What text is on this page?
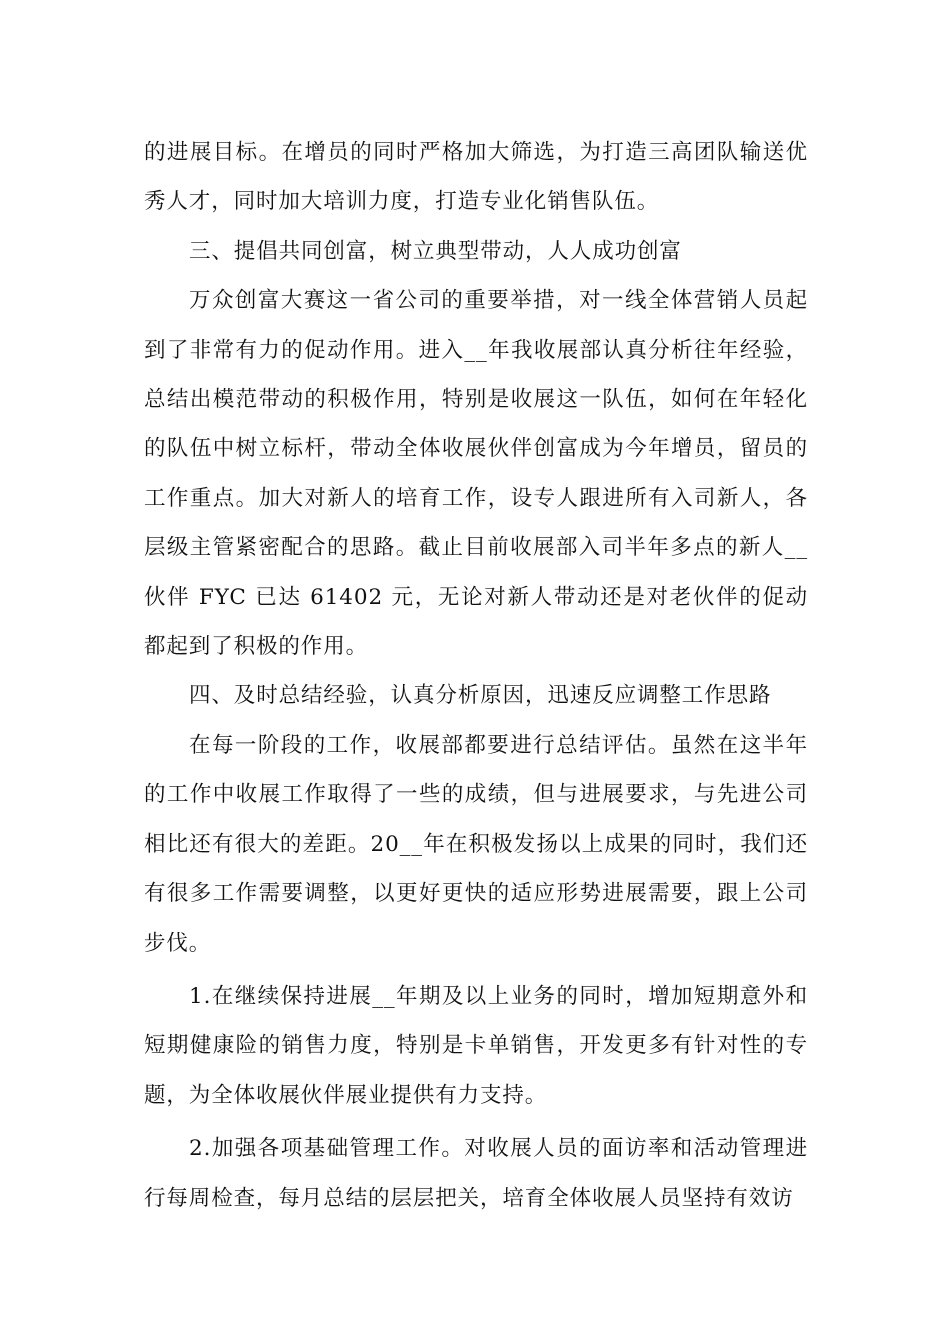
的进展目标。在增员的同时严格加大筛选，为打造三高团队输送优秀人才，同时加大培训力度，打造专业化销售队伍。

三、提倡共同创富，树立典型带动，人人成功创富

万众创富大赛这一省公司的重要举措，对一线全体营销人员起到了非常有力的促动作用。进入__年我收展部认真分析往年经验，总结出模范带动的积极作用，特别是收展这一队伍，如何在年轻化的队伍中树立标杆，带动全体收展伙伴创富成为今年增员，留员的工作重点。加大对新人的培育工作，设专人跟进所有入司新人，各层级主管紧密配合的思路。截止目前收展部入司半年多点的新人__伙伴 FYC 已达 61402 元，无论对新人带动还是对老伙伴的促动都起到了积极的作用。

四、及时总结经验，认真分析原因，迅速反应调整工作思路

在每一阶段的工作，收展部都要进行总结评估。虽然在这半年的工作中收展工作取得了一些的成绩，但与进展要求，与先进公司相比还有很大的差距。20__年在积极发扬以上成果的同时，我们还有很多工作需要调整，以更好更快的适应形势进展需要，跟上公司步伐。

1.在继续保持进展__年期及以上业务的同时，增加短期意外和短期健康险的销售力度，特别是卡单销售，开发更多有针对性的专题，为全体收展伙伴展业提供有力支持。

2.加强各项基础管理工作。对收展人员的面访率和活动管理进行每周检查，每月总结的层层把关，培育全体收展人员坚持有效访
